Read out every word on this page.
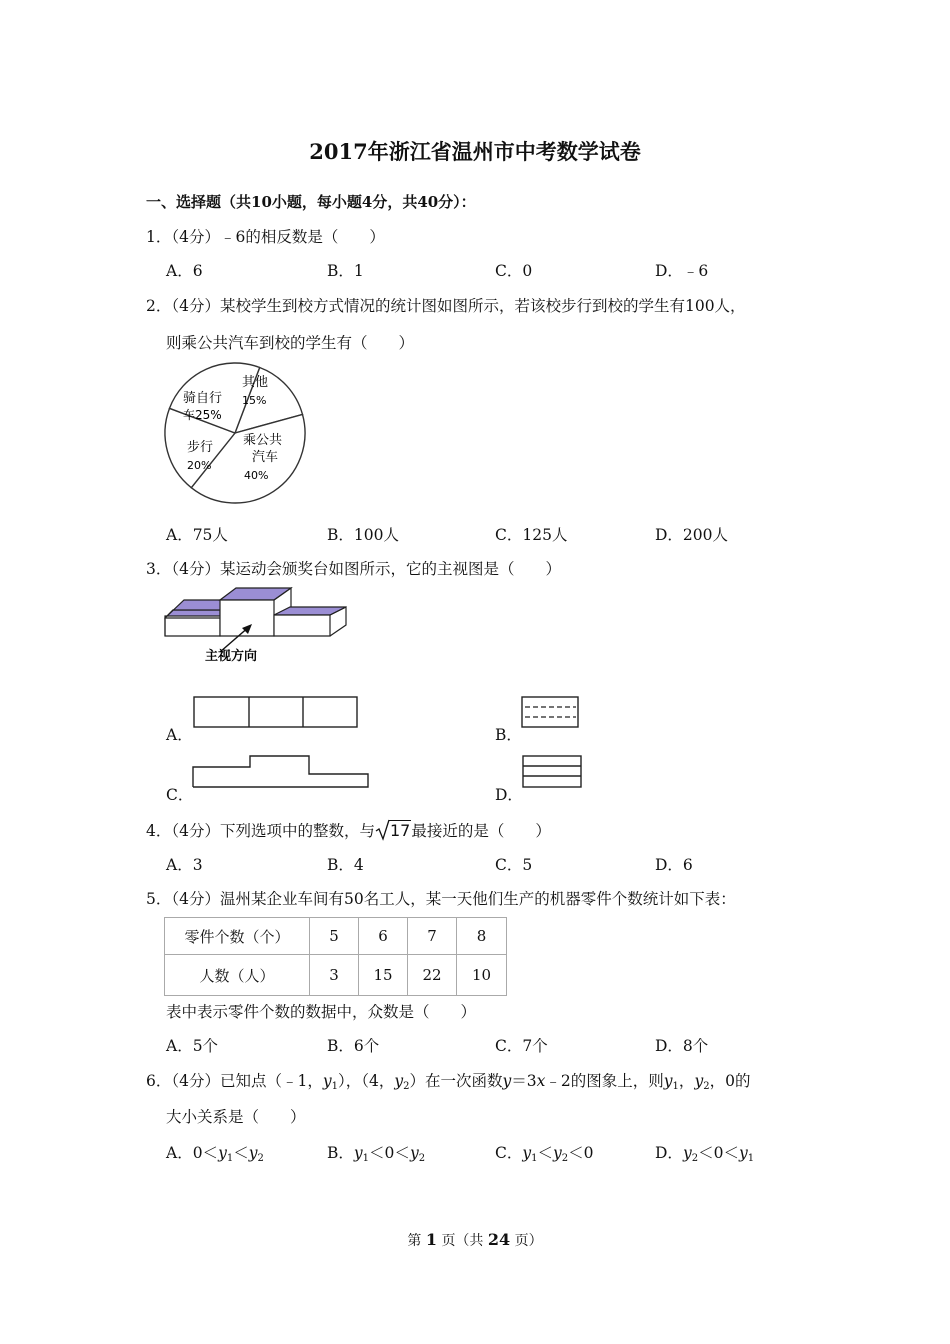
2017年浙江省温州市中考数学试卷
一、选择题（共10小题，每小题4分，共40分）：
1．（4分）﹣6的相反数是（　　）
A．6	B．1	C．0	D．﹣6
2．（4分）某校学生到校方式情况的统计图如图所示，若该校步行到校的学生有100人，
则乘公共汽车到校的学生有（　　）
其他
15%
乘公共
汽车
40%
步行
20%
骑自行
车25%
A．75人	B．100人	C．125人	D．200人
3．（4分）某运动会颁奖台如图所示，它的主视图是（　　）
主视方向
A．	B．
C．	D．
4．（4分）下列选项中的整数，与 17最接近的是（　　）
A．3	B．4	C．5	D．6
5．（4分）温州某企业车间有50名工人，某一天他们生产的机器零件个数统计如下表：
零件个数（个）	5	6	7	8
人数（人）	3	15	22	10
表中表示零件个数的数据中，众数是（　　）
A．5个	B．6个	C．7个	D．8个
6．（4分）已知点（﹣1，$y_1$），（4，$y_2$）在一次函数y＝3x﹣2的图象上，则$y_1$，$y_2$，0的
大小关系是（　　）
A．$0<y_1<y_2$	B．$y_1<0<y_2$	C．$y_1<y_2<0$	D．$y_2<0<y_1$
第 1 页（共 24 页）
